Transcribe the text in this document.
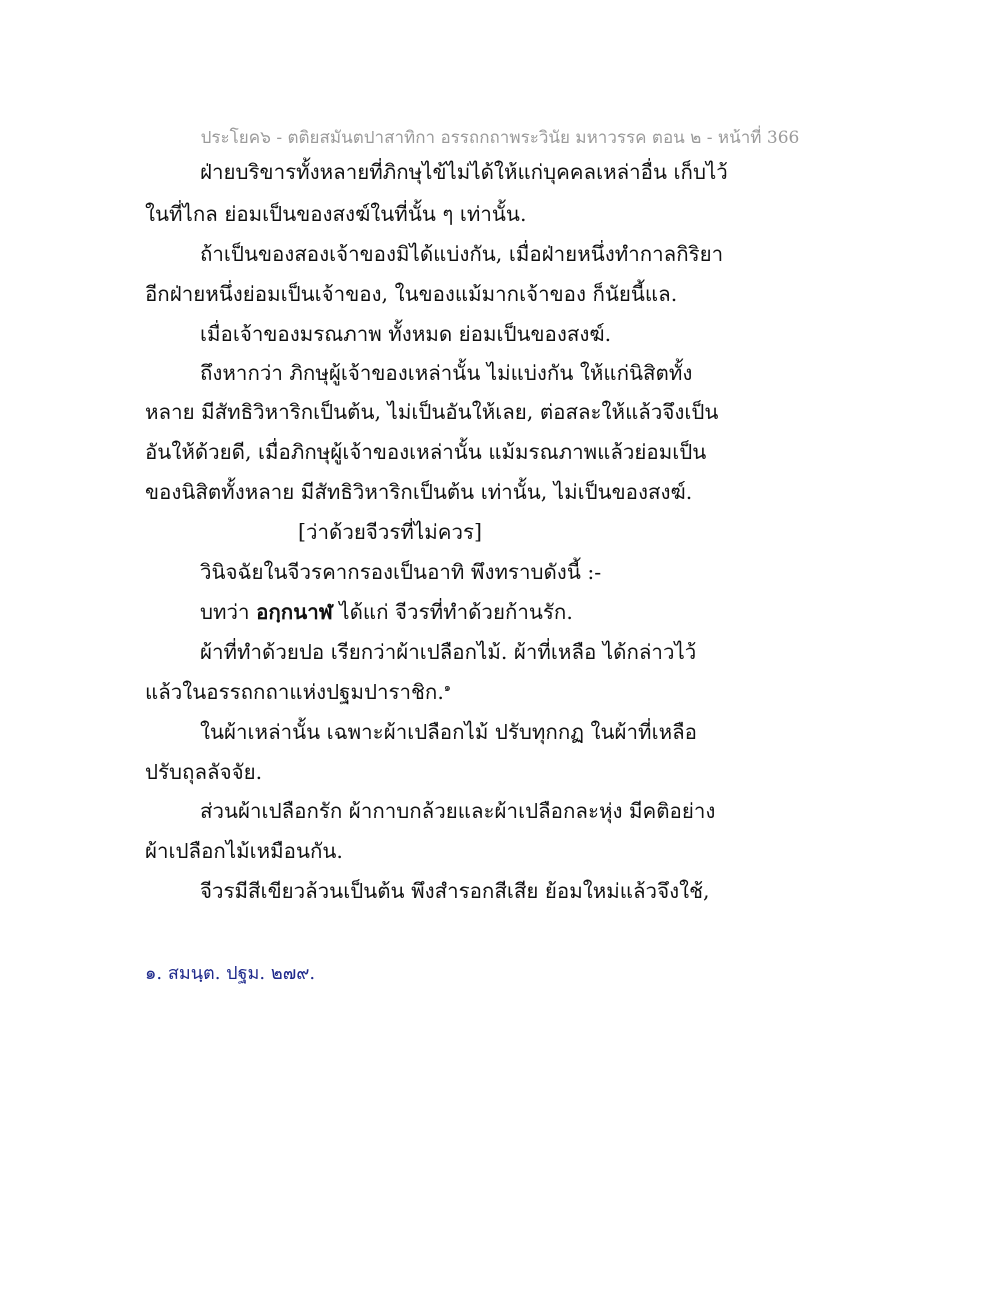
ประโยค๖ - ตติยสมันตปาสาทิกา อรรถกถาพระวินัย มหาวรรค ตอน ๒ - หน้าที่ 366
ฝ่ายบริขารทั้งหลายที่ภิกษุไข้ไม่ได้ให้แก่บุคคลเหล่าอื่น เก็บไว้
ในที่ไกล ย่อมเป็นของสงฆ์ในที่นั้น ๆ เท่านั้น.
ถ้าเป็นของสองเจ้าของมิได้แบ่งกัน, เมื่อฝ่ายหนึ่งทำกาลกิริยา
อีกฝ่ายหนึ่งย่อมเป็นเจ้าของ, ในของแม้มากเจ้าของ ก็นัยนี้แล.
เมื่อเจ้าของมรณภาพ ทั้งหมด ย่อมเป็นของสงฆ์.
ถึงหากว่า ภิกษุผู้เจ้าของเหล่านั้น ไม่แบ่งกัน ให้แก่นิสิตทั้ง
หลาย มีสัทธิวิหาริกเป็นต้น, ไม่เป็นอันให้เลย, ต่อสละให้แล้วจึงเป็น
อันให้ด้วยดี, เมื่อภิกษุผู้เจ้าของเหล่านั้น แม้มรณภาพแล้วย่อมเป็น
ของนิสิตทั้งหลาย มีสัทธิวิหาริกเป็นต้น เท่านั้น, ไม่เป็นของสงฆ์.
[ว่าด้วยจีวรที่ไม่ควร]
วินิจฉัยในจีวรคากรองเป็นอาทิ พึงทราบดังนี้ :-
บทว่า อกฺกนาฬ ได้แก่ จีวรที่ทำด้วยก้านรัก.
ผ้าที่ทำด้วยปอ เรียกว่าผ้าเปลือกไม้. ผ้าที่เหลือ ได้กล่าวไว้
แล้วในอรรถกถาแห่งปฐมปาราชิก.$^๑$
ในผ้าเหล่านั้น เฉพาะผ้าเปลือกไม้ ปรับทุกกฏ ในผ้าที่เหลือ
ปรับถุลลัจจัย.
ส่วนผ้าเปลือกรัก ผ้ากาบกล้วยและผ้าเปลือกละหุ่ง มีคติอย่าง
ผ้าเปลือกไม้เหมือนกัน.
จีวรมีสีเขียวล้วนเป็นต้น พึงสำรอกสีเสีย ย้อมใหม่แล้วจึงใช้,
๑. สมนฺต. ปฐม. ๒๗๙.
